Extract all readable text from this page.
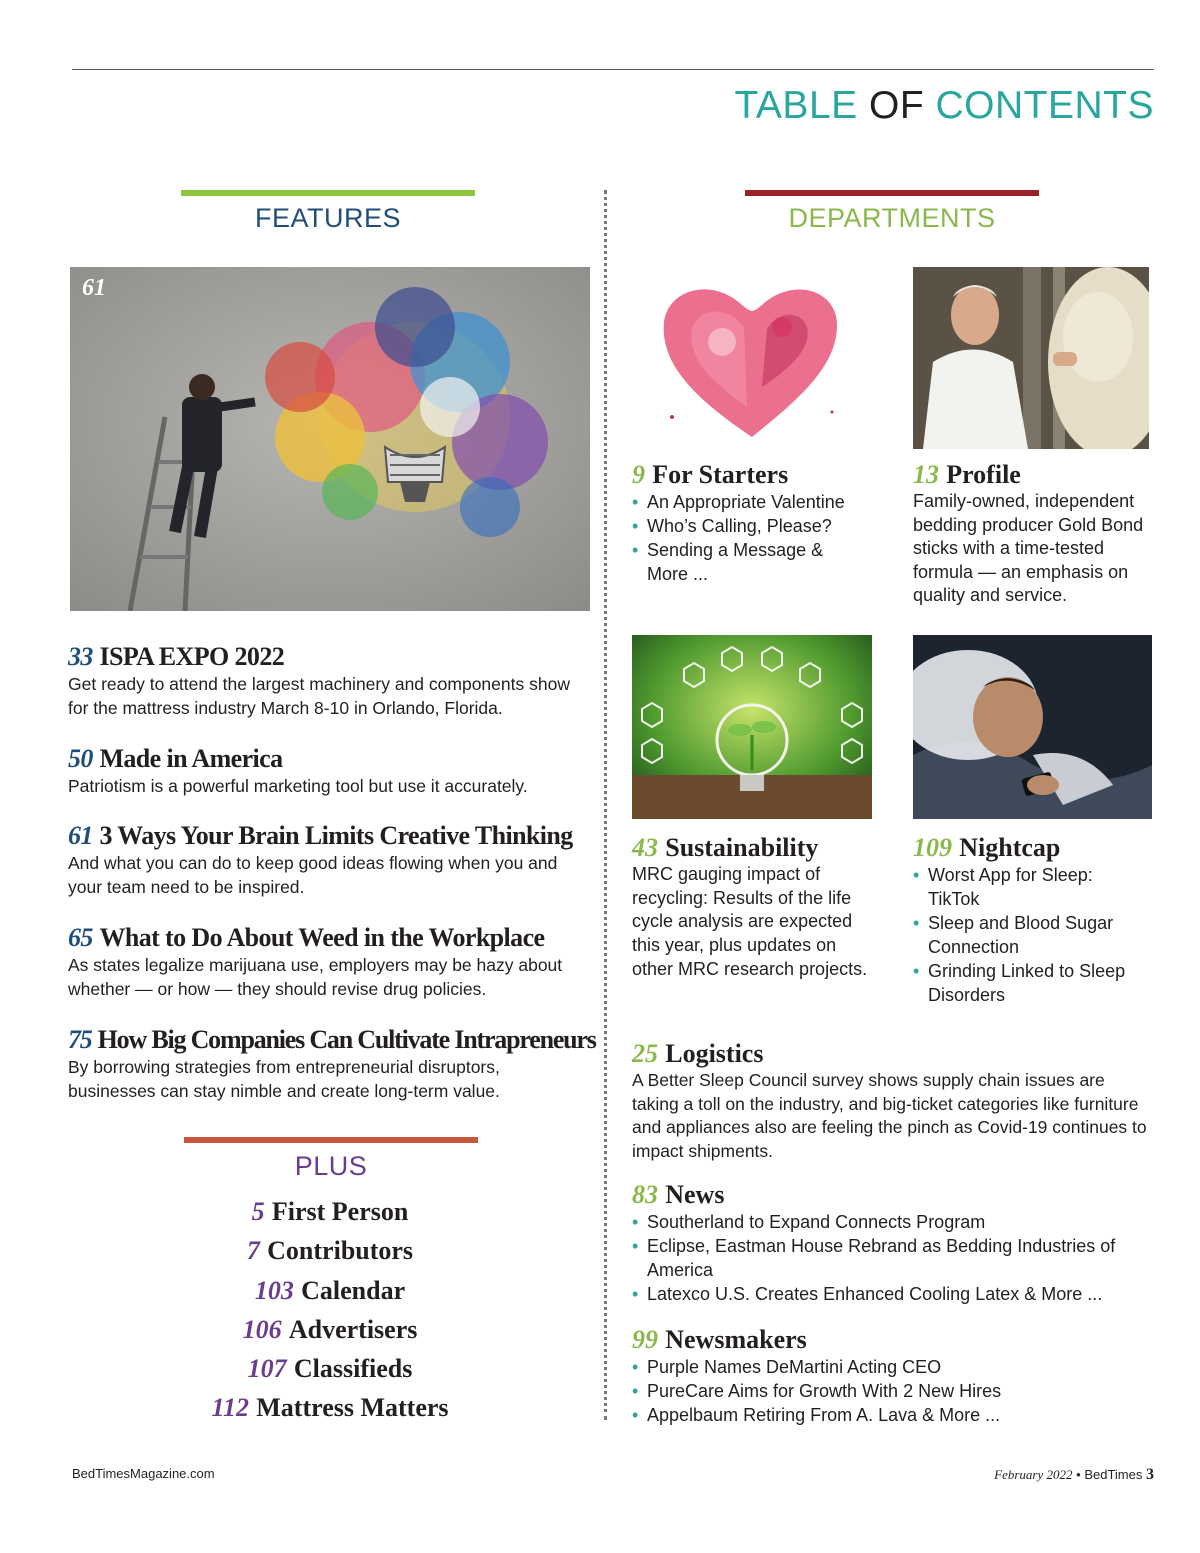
TABLE OF CONTENTS
FEATURES
61
33 ISPA EXPO 2022
Get ready to attend the largest machinery and components show for the mattress industry March 8-10 in Orlando, Florida.
50 Made in America
Patriotism is a powerful marketing tool but use it accurately.
61 3 Ways Your Brain Limits Creative Thinking
And what you can do to keep good ideas flowing when you and your team need to be inspired.
65 What to Do About Weed in the Workplace
As states legalize marijuana use, employers may be hazy about whether — or how — they should revise drug policies.
75 How Big Companies Can Cultivate Intrapreneurs
By borrowing strategies from entrepreneurial disruptors, businesses can stay nimble and create long-term value.
PLUS
5 First Person
7 Contributors
103 Calendar
106 Advertisers
107 Classifieds
112 Mattress Matters
DEPARTMENTS
9 For Starters
• An Appropriate Valentine
• Who’s Calling, Please?
• Sending a Message & More ...
13 Profile
Family-owned, independent bedding producer Gold Bond sticks with a time-tested formula — an emphasis on quality and service.
43 Sustainability
MRC gauging impact of recycling: Results of the life cycle analysis are expected this year, plus updates on other MRC research projects.
109 Nightcap
• Worst App for Sleep: TikTok
• Sleep and Blood Sugar Connection
• Grinding Linked to Sleep Disorders
25 Logistics
A Better Sleep Council survey shows supply chain issues are taking a toll on the industry, and big-ticket categories like furniture and appliances also are feeling the pinch as Covid-19 continues to impact shipments.
83 News
• Southerland to Expand Connects Program
• Eclipse, Eastman House Rebrand as Bedding Industries of America
• Latexco U.S. Creates Enhanced Cooling Latex & More ...
99 Newsmakers
• Purple Names DeMartini Acting CEO
• PureCare Aims for Growth With 2 New Hires
• Appelbaum Retiring From A. Lava & More ...
BedTimesMagazine.com	February 2022 • BedTimes 3
